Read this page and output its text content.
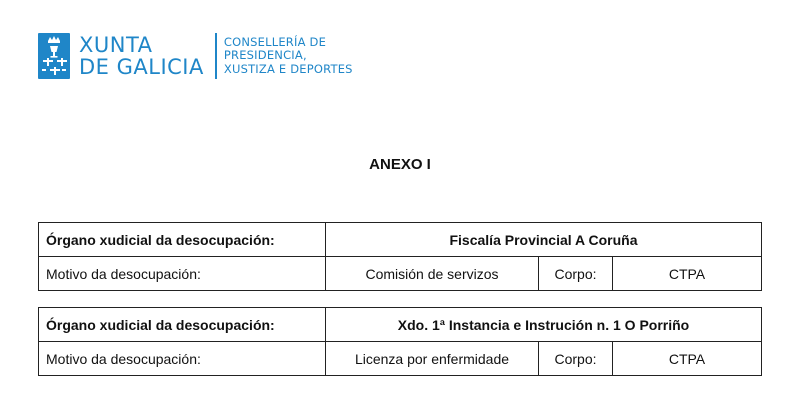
XUNTA
DE GALICIA
CONSELLERÍA DE
PRESIDENCIA,
XUSTIZA E DEPORTES
ANEXO I
Órgano xudicial da desocupación:	Fiscalía Provincial A Coruña		
Motivo da desocupación:	Comisión de servizos	Corpo:	CTPA
Órgano xudicial da desocupación:	Xdo. 1ª Instancia e Instrución n. 1 O Porriño		
Motivo da desocupación:	Licenza por enfermidade	Corpo:	CTPA
